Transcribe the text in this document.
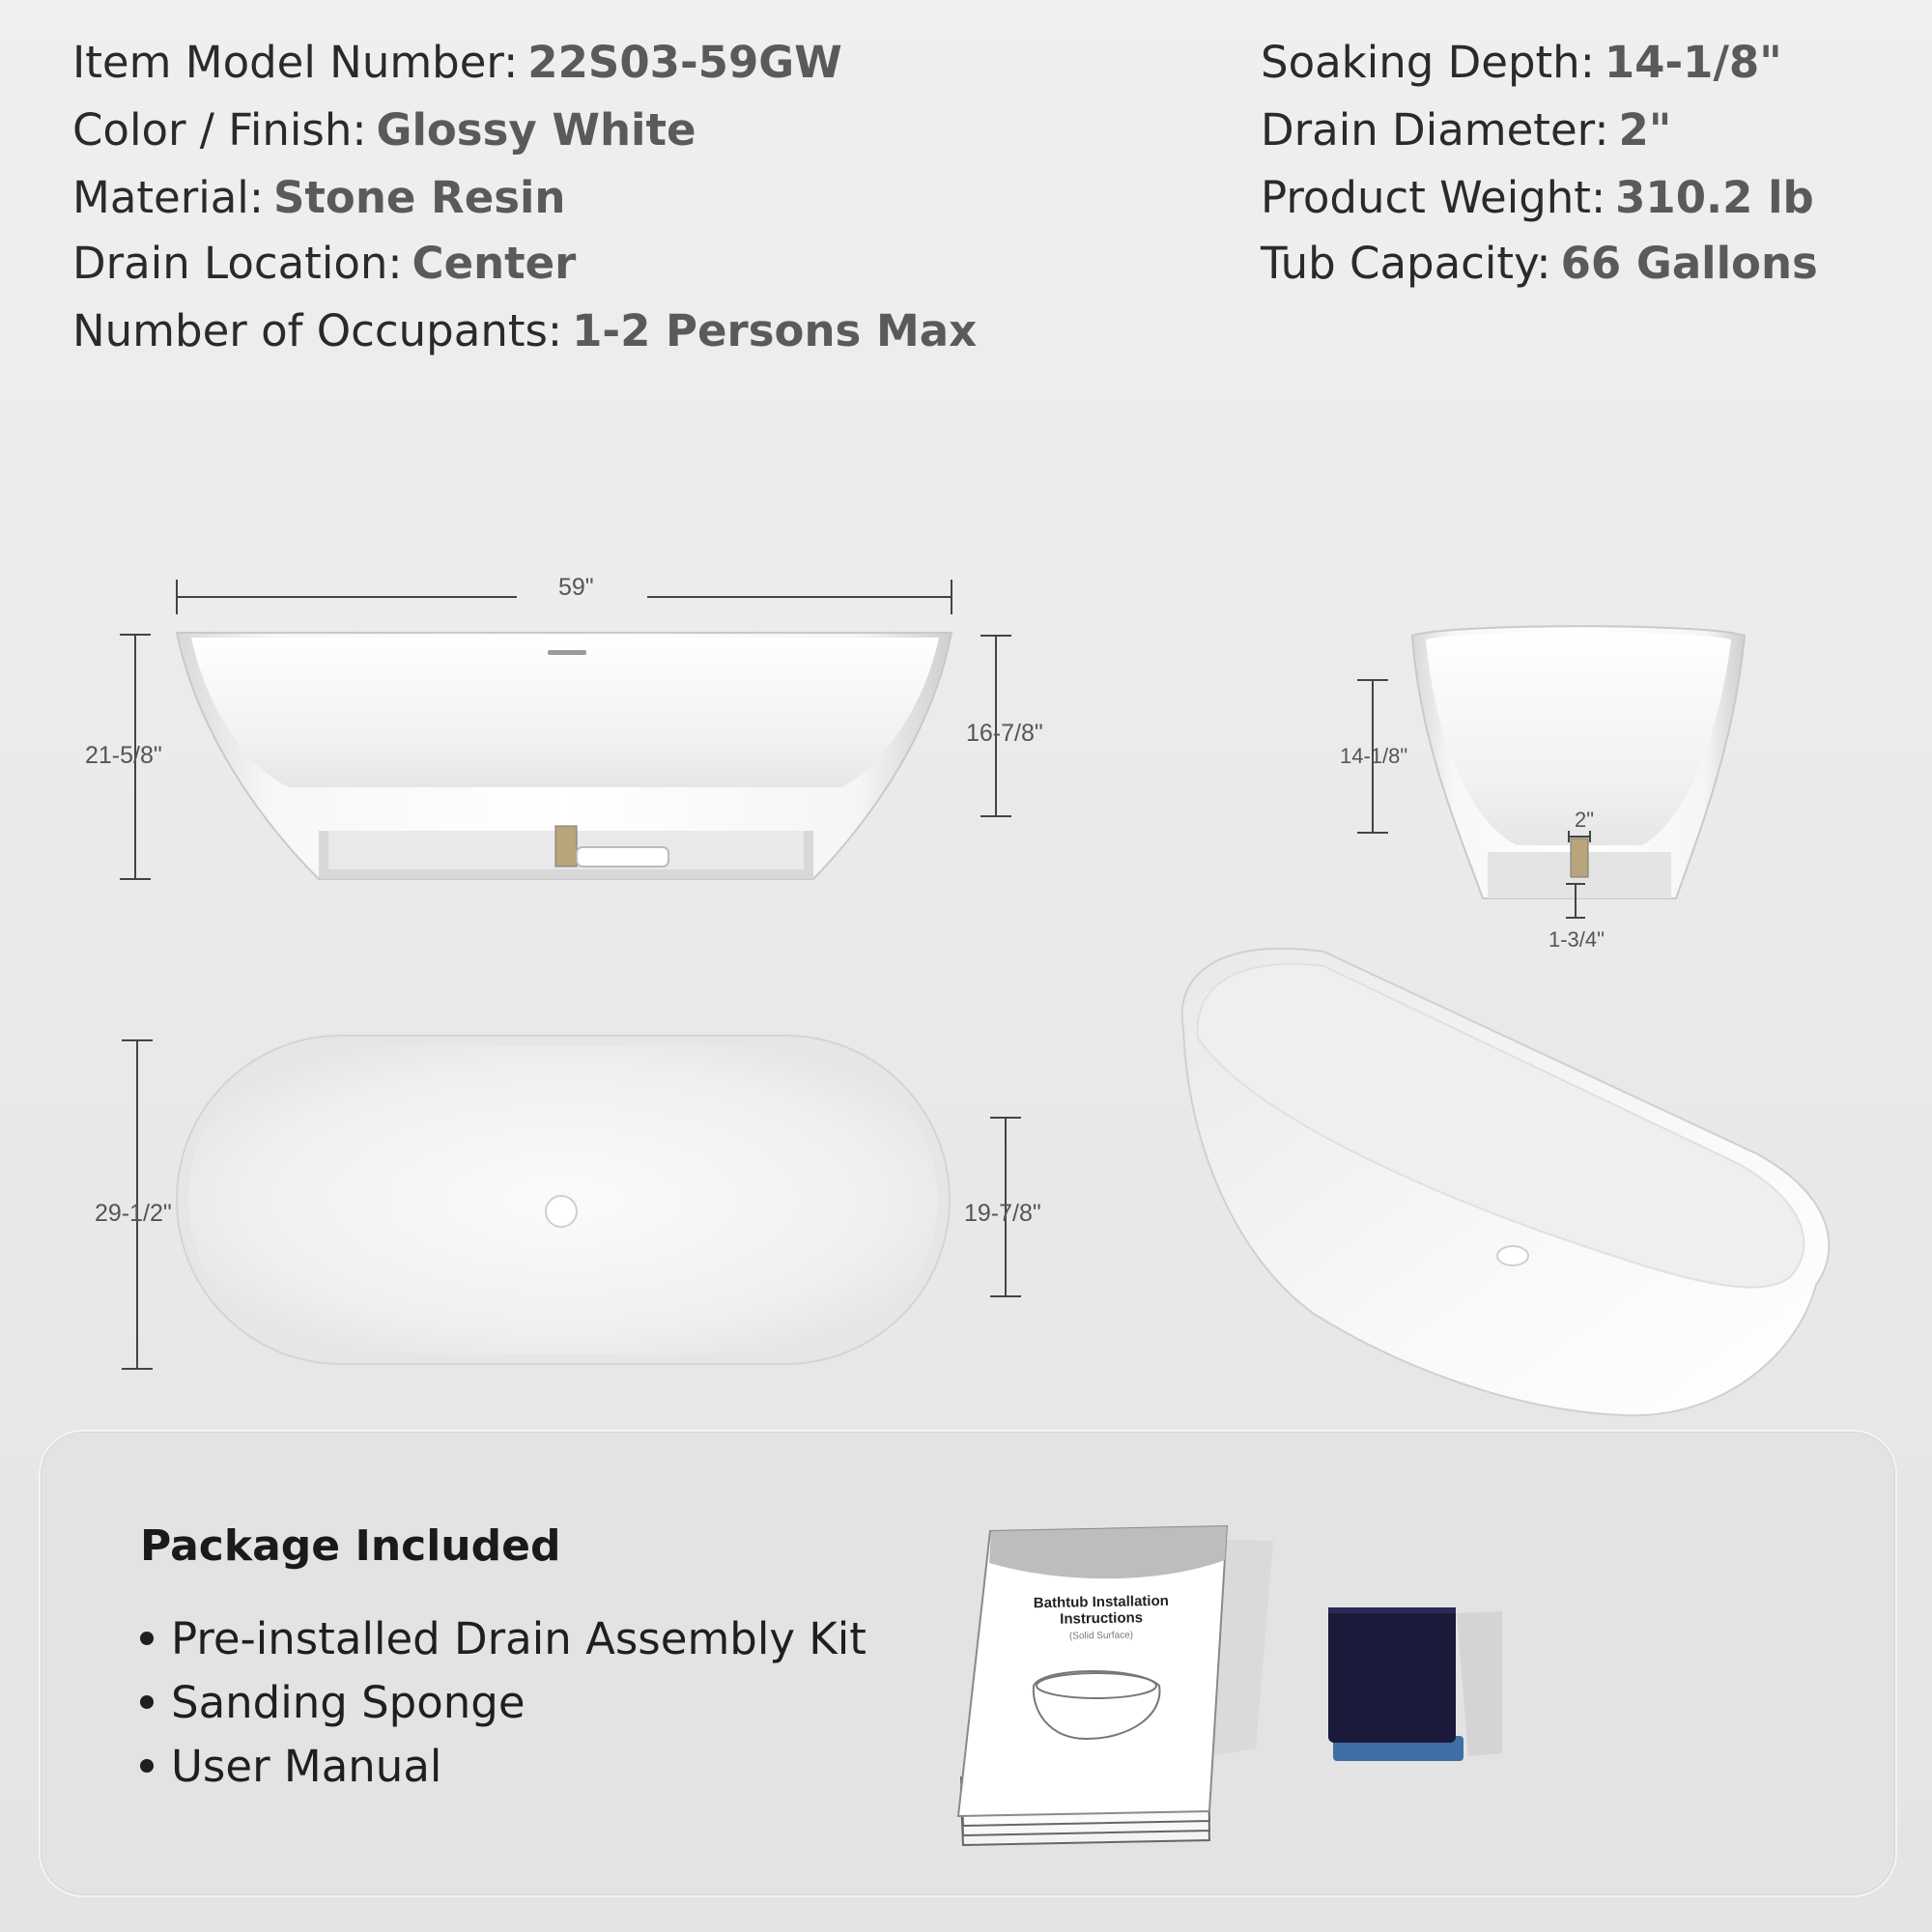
Item Model Number: 22S03-59GW
Color / Finish: Glossy White
Material: Stone Resin
Drain Location: Center
Number of Occupants: 1-2 Persons Max
Soaking Depth: 14-1/8"
Drain Diameter: 2"
Product Weight: 310.2 lb
Tub Capacity: 66 Gallons
59"
21-5/8"
16-7/8"
14-1/8"
2"
1-3/4"
29-1/2"	19-7/8"
Package Included
Pre-installed Drain Assembly Kit
Sanding Sponge
User Manual
Bathtub Installation Instructions
(Solid Surface)
